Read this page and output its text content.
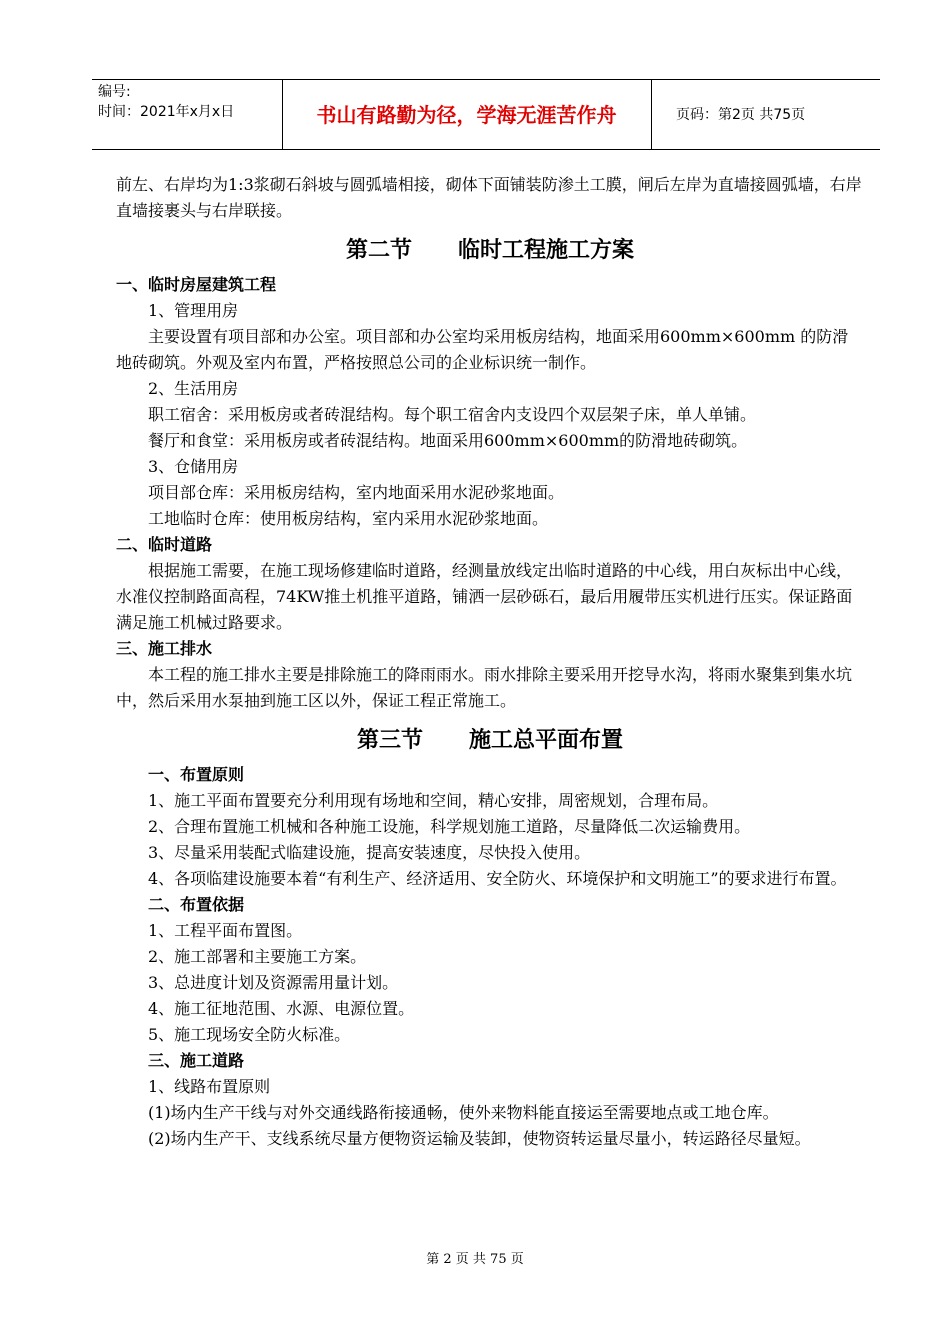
编号:
时间：2021年x月x日	书山有路勤为径，学海无涯苦作舟	页码：第2页 共75页

前左、右岸均为1:3浆砌石斜坡与圆弧墙相接，砌体下面铺装防渗土工膜，闸后左岸为直墙接圆弧墙，右岸直墙接裹头与右岸联接。

第二节      临时工程施工方案

一、临时房屋建筑工程

1、管理用房

主要设置有项目部和办公室。项目部和办公室均采用板房结构，地面采用600mm×600mm 的防滑地砖砌筑。外观及室内布置，严格按照总公司的企业标识统一制作。

2、生活用房

职工宿舍：采用板房或者砖混结构。每个职工宿舍内支设四个双层架子床，单人单铺。

餐厅和食堂：采用板房或者砖混结构。地面采用600mm×600mm的防滑地砖砌筑。

3、仓储用房

项目部仓库：采用板房结构，室内地面采用水泥砂浆地面。

工地临时仓库：使用板房结构，室内采用水泥砂浆地面。

二、临时道路

根据施工需要，在施工现场修建临时道路，经测量放线定出临时道路的中心线，用白灰标出中心线，水准仪控制路面高程，74KW推土机推平道路，铺洒一层砂砾石，最后用履带压实机进行压实。保证路面满足施工机械过路要求。

三、施工排水

本工程的施工排水主要是排除施工的降雨雨水。雨水排除主要采用开挖导水沟，将雨水聚集到集水坑中，然后采用水泵抽到施工区以外，保证工程正常施工。

第三节      施工总平面布置

一、布置原则

1、施工平面布置要充分利用现有场地和空间，精心安排，周密规划，合理布局。

2、合理布置施工机械和各种施工设施，科学规划施工道路，尽量降低二次运输费用。

3、尽量采用装配式临建设施，提高安装速度，尽快投入使用。

4、各项临建设施要本着“有利生产、经济适用、安全防火、环境保护和文明施工”的要求进行布置。

二、布置依据

1、工程平面布置图。

2、施工部署和主要施工方案。

3、总进度计划及资源需用量计划。

4、施工征地范围、水源、电源位置。

5、施工现场安全防火标准。

三、施工道路

1、线路布置原则

(1)场内生产干线与对外交通线路衔接通畅，使外来物料能直接运至需要地点或工地仓库。

(2)场内生产干、支线系统尽量方便物资运输及装卸，使物资转运量尽量小，转运路径尽量短。

第 2 页 共 75 页
